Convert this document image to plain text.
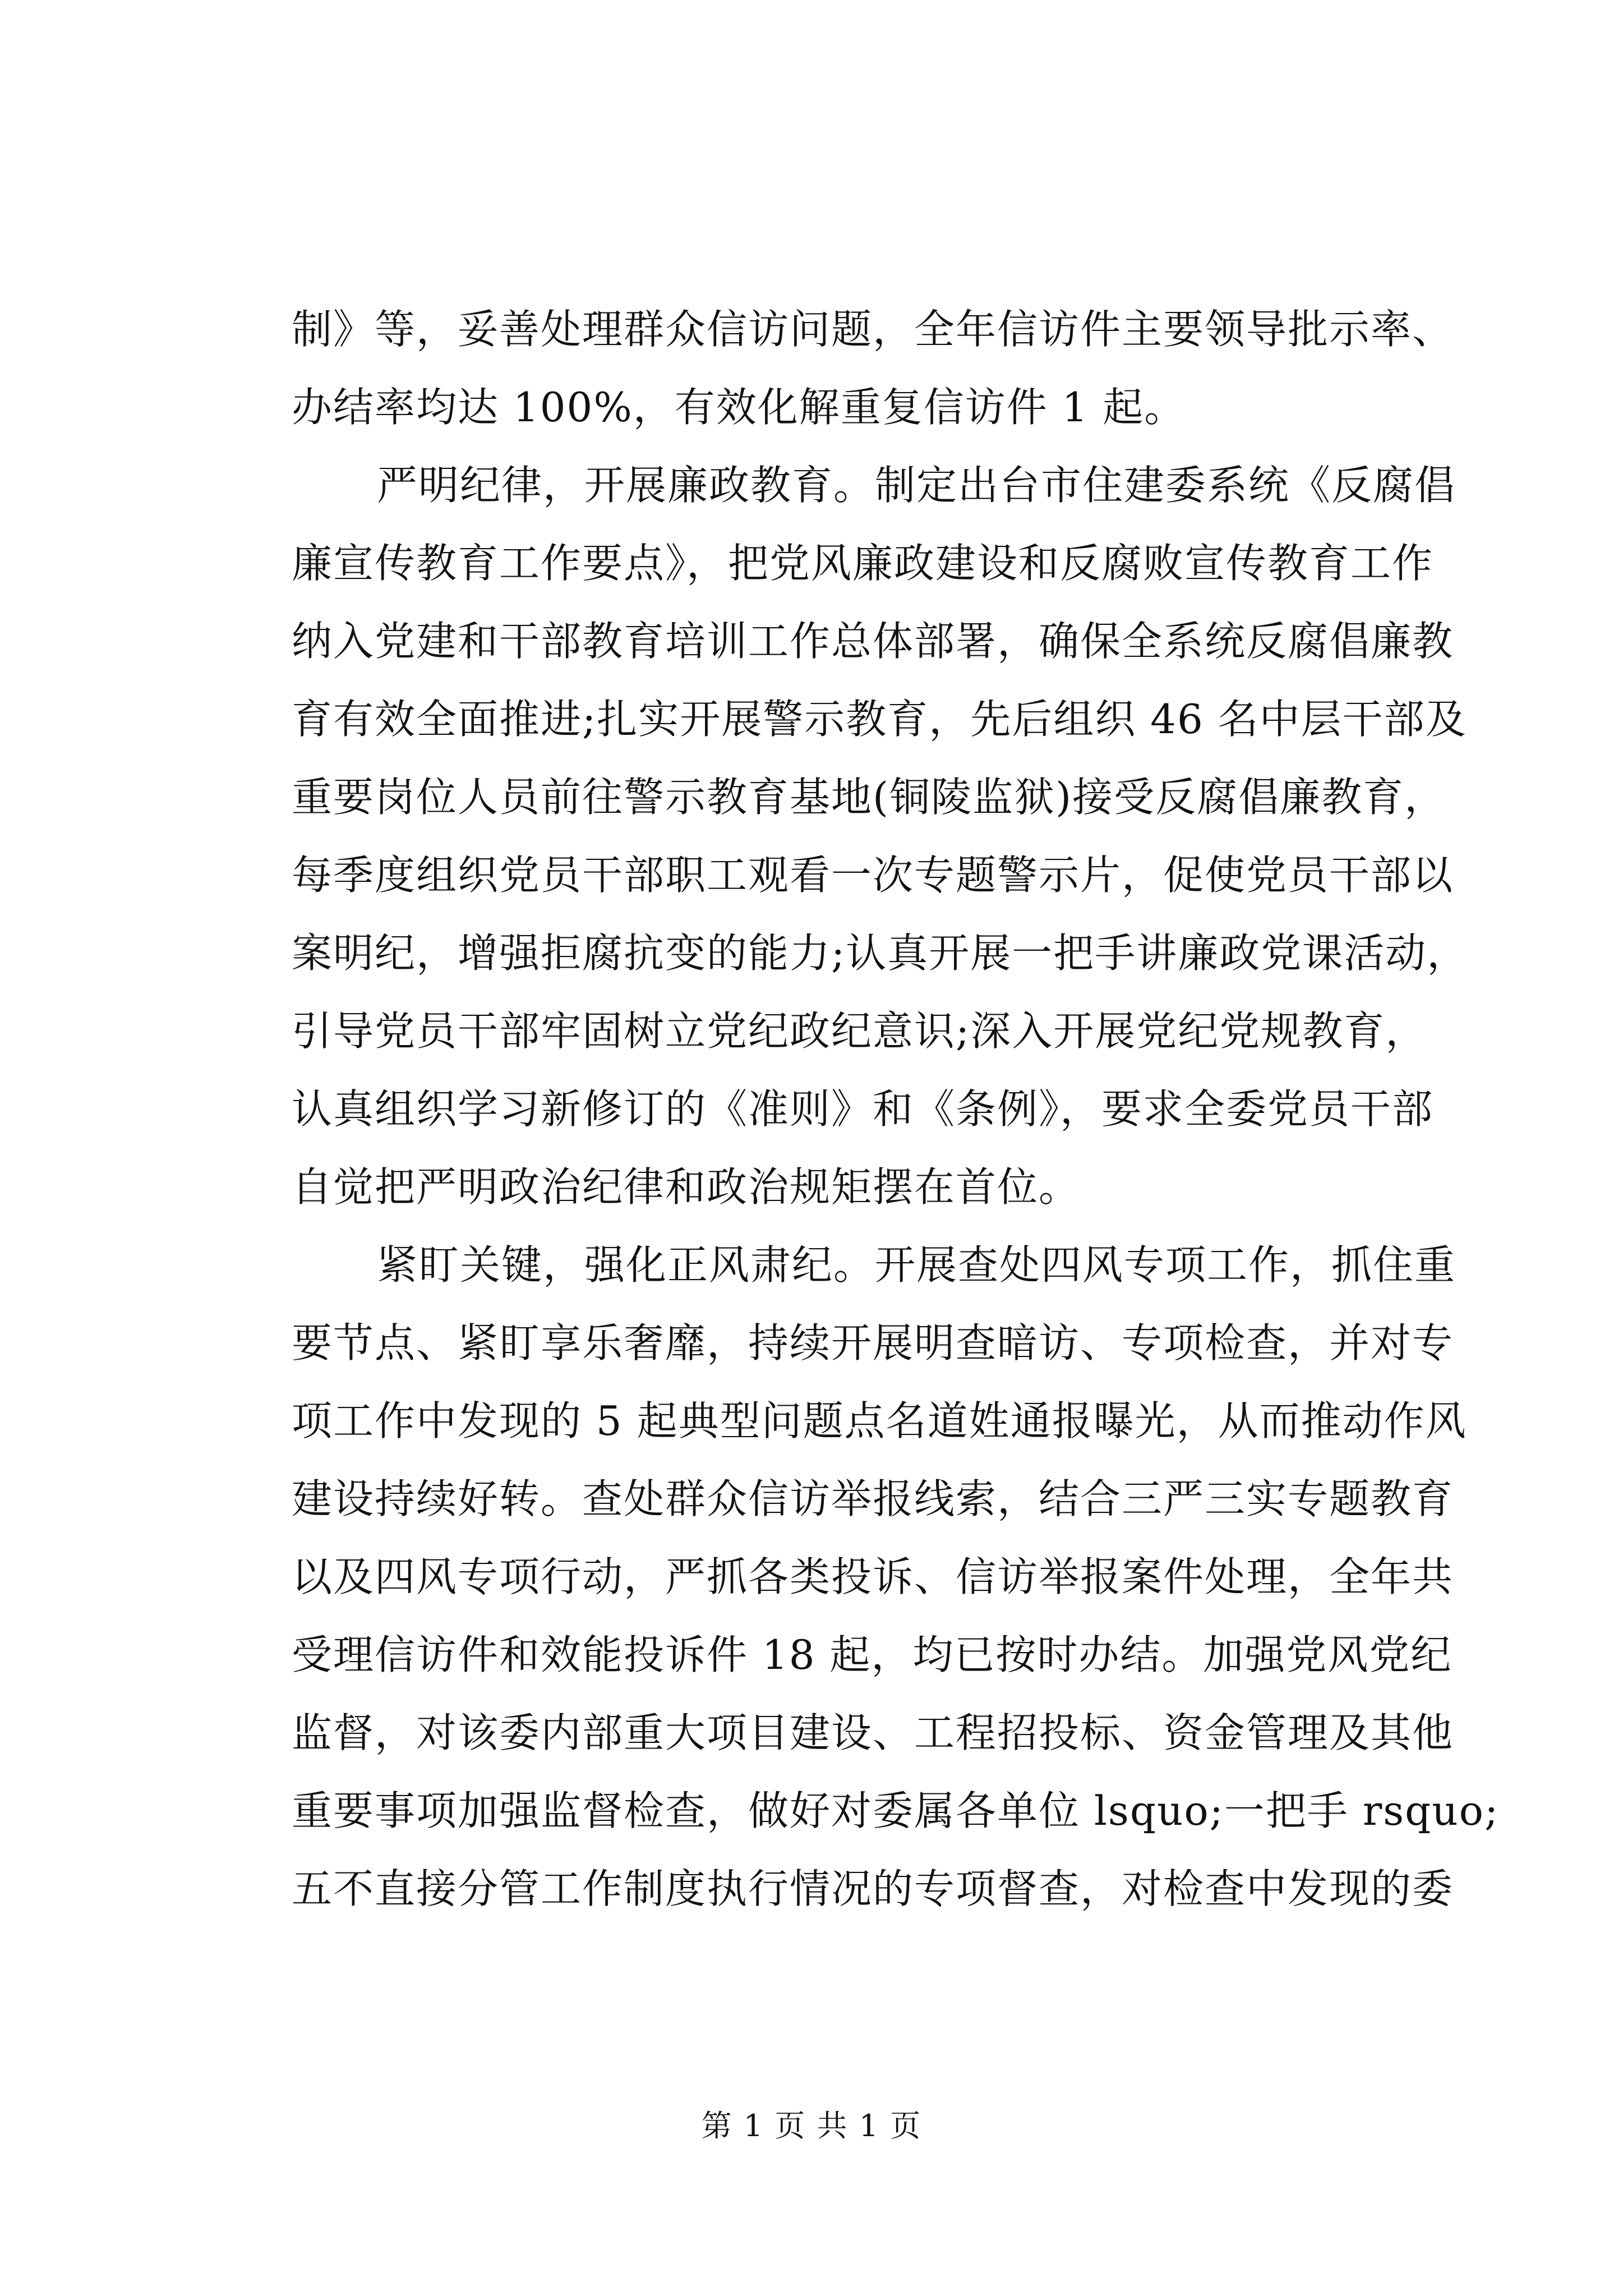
制》等，妥善处理群众信访问题，全年信访件主要领导批示率、
办结率均达 100%，有效化解重复信访件 1 起。
严明纪律，开展廉政教育。制定出台市住建委系统《反腐倡
廉宣传教育工作要点》，把党风廉政建设和反腐败宣传教育工作
纳入党建和干部教育培训工作总体部署，确保全系统反腐倡廉教
育有效全面推进;扎实开展警示教育，先后组织 46 名中层干部及
重要岗位人员前往警示教育基地(铜陵监狱)接受反腐倡廉教育，
每季度组织党员干部职工观看一次专题警示片，促使党员干部以
案明纪，增强拒腐抗变的能力;认真开展一把手讲廉政党课活动，
引导党员干部牢固树立党纪政纪意识;深入开展党纪党规教育，
认真组织学习新修订的《准则》和《条例》，要求全委党员干部
自觉把严明政治纪律和政治规矩摆在首位。
紧盯关键，强化正风肃纪。开展查处四风专项工作，抓住重
要节点、紧盯享乐奢靡，持续开展明查暗访、专项检查，并对专
项工作中发现的 5 起典型问题点名道姓通报曝光，从而推动作风
建设持续好转。查处群众信访举报线索，结合三严三实专题教育
以及四风专项行动，严抓各类投诉、信访举报案件处理，全年共
受理信访件和效能投诉件 18 起，均已按时办结。加强党风党纪
监督，对该委内部重大项目建设、工程招投标、资金管理及其他
重要事项加强监督检查，做好对委属各单位 lsquo;一把手 rsquo;
五不直接分管工作制度执行情况的专项督查，对检查中发现的委
第 1 页 共 1 页
